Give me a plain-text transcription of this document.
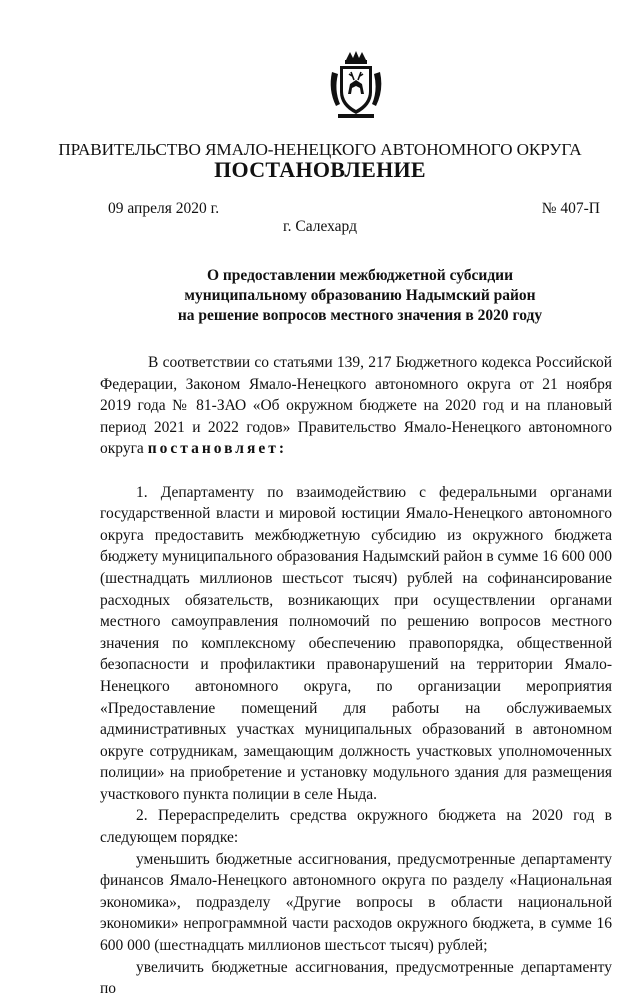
ПРАВИТЕЛЬСТВО ЯМАЛО-НЕНЕЦКОГО АВТОНОМНОГО ОКРУГА
ПОСТАНОВЛЕНИЕ
09 апреля 2020 г.	№ 407-П
г. Салехард
О предоставлении межбюджетной субсидии
муниципальному образованию Надымский район
на решение вопросов местного значения в 2020 году

В соответствии со статьями 139, 217 Бюджетного кодекса Российской Федерации, Законом Ямало-Ненецкого автономного округа от 21 ноября 2019 года № 81-ЗАО «Об окружном бюджете на 2020 год и на плановый период 2021 и 2022 годов» Правительство Ямало-Ненецкого автономного округа постановляет:

1. Департаменту по взаимодействию с федеральными органами государственной власти и мировой юстиции Ямало-Ненецкого автономного округа предоставить межбюджетную субсидию из окружного бюджета бюджету муниципального образования Надымский район в сумме 16 600 000 (шестнадцать миллионов шестьсот тысяч) рублей на софинансирование расходных обязательств, возникающих при осуществлении органами местного самоуправления полномочий по решению вопросов местного значения по комплексному обеспечению правопорядка, общественной безопасности и профилактики правонарушений на территории Ямало-Ненецкого автономного округа, по организации мероприятия «Предоставление помещений для работы на обслуживаемых административных участках муниципальных образований в автономном округе сотрудникам, замещающим должность участковых уполномоченных полиции» на приобретение и установку модульного здания для размещения участкового пункта полиции в селе Ныда.

2. Перераспределить средства окружного бюджета на 2020 год в следующем порядке:

уменьшить бюджетные ассигнования, предусмотренные департаменту финансов Ямало-Ненецкого автономного округа по разделу «Национальная экономика», подразделу «Другие вопросы в области национальной экономики» непрограммной части расходов окружного бюджета, в сумме 16 600 000 (шестнадцать миллионов шестьсот тысяч) рублей;

увеличить бюджетные ассигнования, предусмотренные департаменту по
